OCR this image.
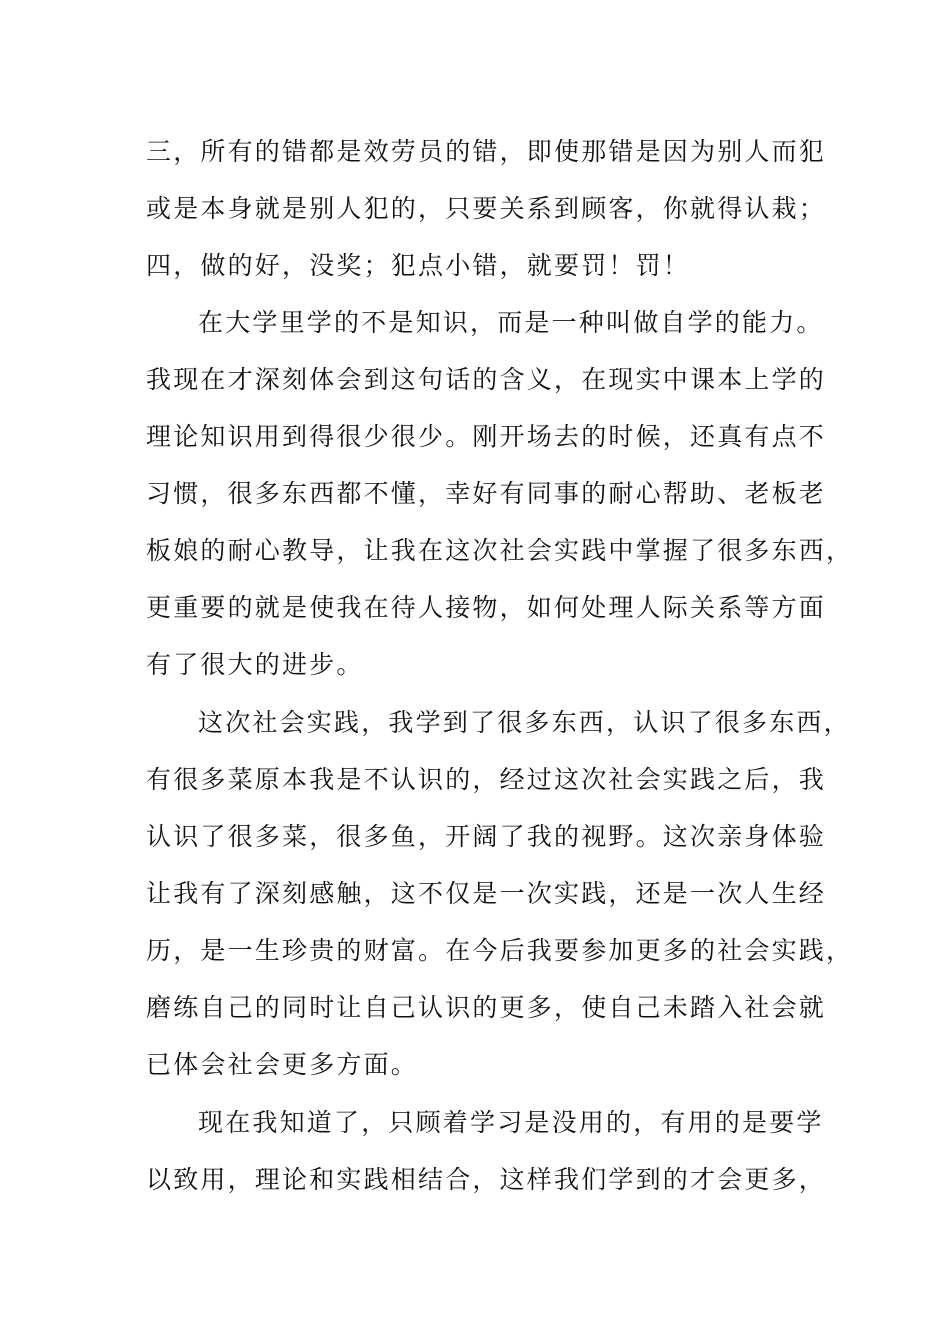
三，所有的错都是效劳员的错，即使那错是因为别人而犯
或是本身就是别人犯的，只要关系到顾客，你就得认栽；
四，做的好，没奖；犯点小错，就要罚！罚！
在大学里学的不是知识，而是一种叫做自学的能力。
我现在才深刻体会到这句话的含义，在现实中课本上学的
理论知识用到得很少很少。刚开场去的时候，还真有点不
习惯，很多东西都不懂，幸好有同事的耐心帮助、老板老
板娘的耐心教导，让我在这次社会实践中掌握了很多东西，
更重要的就是使我在待人接物，如何处理人际关系等方面
有了很大的进步。
这次社会实践，我学到了很多东西，认识了很多东西，
有很多菜原本我是不认识的，经过这次社会实践之后，我
认识了很多菜，很多鱼，开阔了我的视野。这次亲身体验
让我有了深刻感触，这不仅是一次实践，还是一次人生经
历，是一生珍贵的财富。在今后我要参加更多的社会实践，
磨练自己的同时让自己认识的更多，使自己未踏入社会就
已体会社会更多方面。
现在我知道了，只顾着学习是没用的，有用的是要学
以致用，理论和实践相结合，这样我们学到的才会更多，
